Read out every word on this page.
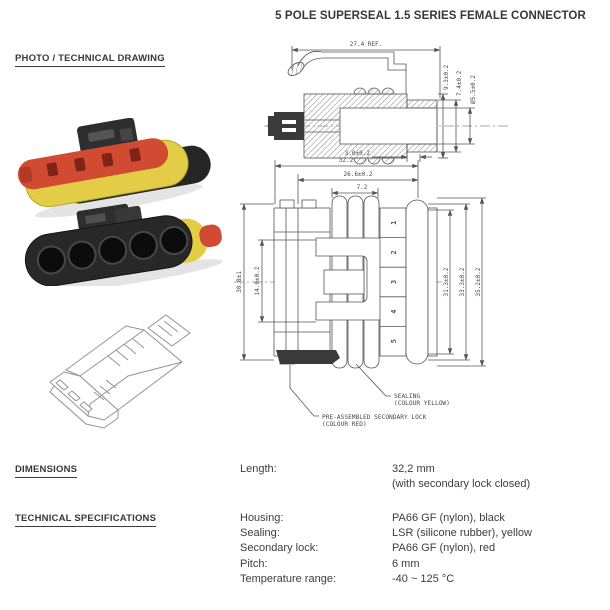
5 POLE SUPERSEAL 1.5 SERIES FEMALE CONNECTOR
PHOTO / TECHNICAL DRAWING
DIMENSIONS
TECHNICAL SPECIFICATIONS
27.4 REF.
9.3±0.2 7.4±0.2 Ø5.5±0.2
3.0±0.2
32.2
26.6±0.2
7.2
30.8±1 14.0±0.2	31.3±0.2 33.3±0.2 35.2±0.2
1
2
3
4
5
SEALING
(COLOUR YELLOW)
PRE-ASSEMBLED SECONDARY LOCK
(COLOUR RED)
Length:	32,2 mm
(with secondary lock closed)
Housing:	PA66 GF (nylon), black
Sealing:	LSR (silicone rubber), yellow
Secondary lock:	PA66 GF (nylon), red
Pitch:	6 mm
Temperature range:	-40 ~ 125 °C
